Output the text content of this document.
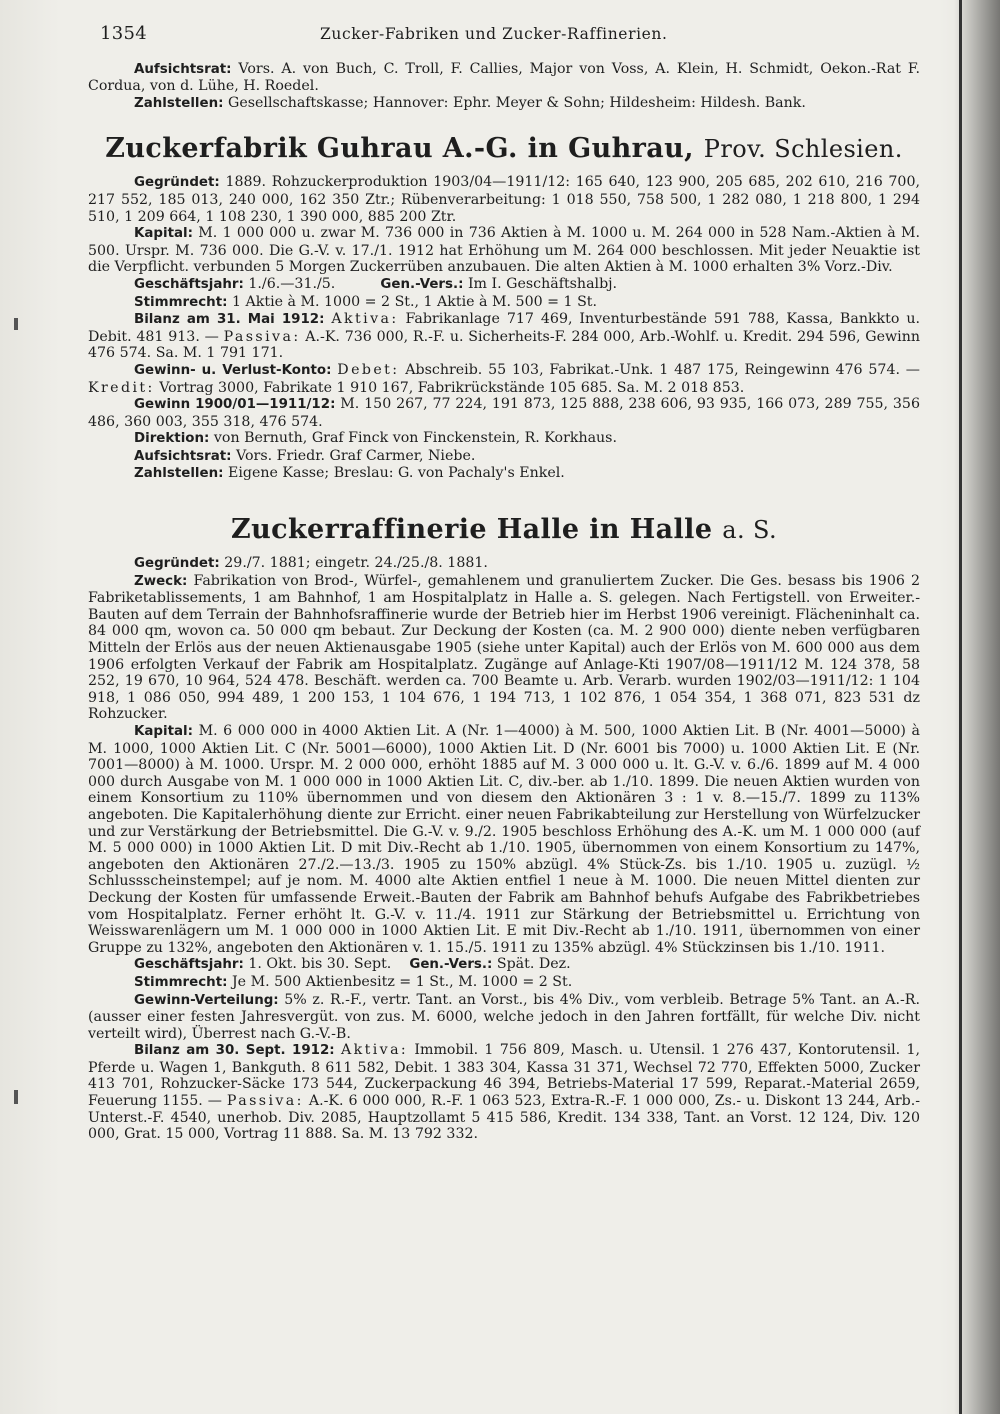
1354	Zucker-Fabriken und Zucker-Raffinerien.

Aufsichtsrat: Vors. A. von Buch, C. Troll, F. Callies, Major von Voss, A. Klein, H. Schmidt, Oekon.-Rat F. Cordua, von d. Lühe, H. Roedel.

Zahlstellen: Gesellschaftskasse; Hannover: Ephr. Meyer & Sohn; Hildesheim: Hildesh. Bank.

Zuckerfabrik Guhrau A.-G. in Guhrau, Prov. Schlesien.

Gegründet: 1889. Rohzuckerproduktion 1903/04—1911/12: 165 640, 123 900, 205 685, 202 610, 216 700, 217 552, 185 013, 240 000, 162 350 Ztr.; Rübenverarbeitung: 1 018 550, 758 500, 1 282 080, 1 218 800, 1 294 510, 1 209 664, 1 108 230, 1 390 000, 885 200 Ztr.

Kapital: M. 1 000 000 u. zwar M. 736 000 in 736 Aktien à M. 1000 u. M. 264 000 in 528 Nam.-Aktien à M. 500. Urspr. M. 736 000. Die G.-V. v. 17./1. 1912 hat Erhöhung um M. 264 000 beschlossen. Mit jeder Neuaktie ist die Verpflicht. verbunden 5 Morgen Zuckerrüben anzubauen. Die alten Aktien à M. 1000 erhalten 3% Vorz.-Div.

Geschäftsjahr: 1./6.—31./5.	Gen.-Vers.: Im I. Geschäftshalbj.

Stimmrecht: 1 Aktie à M. 1000 = 2 St., 1 Aktie à M. 500 = 1 St.

Bilanz am 31. Mai 1912: Aktiva: Fabrikanlage 717 469, Inventurbestände 591 788, Kassa, Bankkto u. Debit. 481 913. — Passiva: A.-K. 736 000, R.-F. u. Sicherheits-F. 284 000, Arb.-Wohlf. u. Kredit. 294 596, Gewinn 476 574. Sa. M. 1 791 171.

Gewinn- u. Verlust-Konto: Debet: Abschreib. 55 103, Fabrikat.-Unk. 1 487 175, Reingewinn 476 574. — Kredit: Vortrag 3000, Fabrikate 1 910 167, Fabrikrückstände 105 685. Sa. M. 2 018 853.

Gewinn 1900/01—1911/12: M. 150 267, 77 224, 191 873, 125 888, 238 606, 93 935, 166 073, 289 755, 356 486, 360 003, 355 318, 476 574.

Direktion: von Bernuth, Graf Finck von Finckenstein, R. Korkhaus.

Aufsichtsrat: Vors. Friedr. Graf Carmer, Niebe.

Zahlstellen: Eigene Kasse; Breslau: G. von Pachaly's Enkel.

Zuckerraffinerie Halle in Halle a. S.

Gegründet: 29./7. 1881; eingetr. 24./25./8. 1881.

Zweck: Fabrikation von Brod-, Würfel-, gemahlenem und granuliertem Zucker. Die Ges. besass bis 1906 2 Fabriketablissements, 1 am Bahnhof, 1 am Hospitalplatz in Halle a. S. gelegen. Nach Fertigstell. von Erweiter.-Bauten auf dem Terrain der Bahnhofsraffinerie wurde der Betrieb hier im Herbst 1906 vereinigt. Flächeninhalt ca. 84 000 qm, wovon ca. 50 000 qm bebaut. Zur Deckung der Kosten (ca. M. 2 900 000) diente neben verfügbaren Mitteln der Erlös aus der neuen Aktienausgabe 1905 (siehe unter Kapital) auch der Erlös von M. 600 000 aus dem 1906 erfolgten Verkauf der Fabrik am Hospitalplatz. Zugänge auf Anlage-Kti 1907/08—1911/12 M. 124 378, 58 252, 19 670, 10 964, 524 478. Beschäft. werden ca. 700 Beamte u. Arb. Verarb. wurden 1902/03—1911/12: 1 104 918, 1 086 050, 994 489, 1 200 153, 1 104 676, 1 194 713, 1 102 876, 1 054 354, 1 368 071, 823 531 dz Rohzucker.

Kapital: M. 6 000 000 in 4000 Aktien Lit. A (Nr. 1—4000) à M. 500, 1000 Aktien Lit. B (Nr. 4001—5000) à M. 1000, 1000 Aktien Lit. C (Nr. 5001—6000), 1000 Aktien Lit. D (Nr. 6001 bis 7000) u. 1000 Aktien Lit. E (Nr. 7001—8000) à M. 1000. Urspr. M. 2 000 000, erhöht 1885 auf M. 3 000 000 u. lt. G.-V. v. 6./6. 1899 auf M. 4 000 000 durch Ausgabe von M. 1 000 000 in 1000 Aktien Lit. C, div.-ber. ab 1./10. 1899. Die neuen Aktien wurden von einem Konsortium zu 110% übernommen und von diesem den Aktionären 3 : 1 v. 8.—15./7. 1899 zu 113% angeboten. Die Kapitalerhöhung diente zur Erricht. einer neuen Fabrikabteilung zur Herstellung von Würfelzucker und zur Verstärkung der Betriebsmittel. Die G.-V. v. 9./2. 1905 beschloss Erhöhung des A.-K. um M. 1 000 000 (auf M. 5 000 000) in 1000 Aktien Lit. D mit Div.-Recht ab 1./10. 1905, übernommen von einem Konsortium zu 147%, angeboten den Aktionären 27./2.—13./3. 1905 zu 150% abzügl. 4% Stück-Zs. bis 1./10. 1905 u. zuzügl. ½ Schlussscheinstempel; auf je nom. M. 4000 alte Aktien entfiel 1 neue à M. 1000. Die neuen Mittel dienten zur Deckung der Kosten für umfassende Erweit.-Bauten der Fabrik am Bahnhof behufs Aufgabe des Fabrikbetriebes vom Hospitalplatz. Ferner erhöht lt. G.-V. v. 11./4. 1911 zur Stärkung der Betriebsmittel u. Errichtung von Weisswarenlägern um M. 1 000 000 in 1000 Aktien Lit. E mit Div.-Recht ab 1./10. 1911, übernommen von einer Gruppe zu 132%, angeboten den Aktionären v. 1. 15./5. 1911 zu 135% abzügl. 4% Stückzinsen bis 1./10. 1911.

Geschäftsjahr: 1. Okt. bis 30. Sept. Gen.-Vers.: Spät. Dez.

Stimmrecht: Je M. 500 Aktienbesitz = 1 St., M. 1000 = 2 St.

Gewinn-Verteilung: 5% z. R.-F., vertr. Tant. an Vorst., bis 4% Div., vom verbleib. Betrage 5% Tant. an A.-R. (ausser einer festen Jahresvergüt. von zus. M. 6000, welche jedoch in den Jahren fortfällt, für welche Div. nicht verteilt wird), Überrest nach G.-V.-B.

Bilanz am 30. Sept. 1912: Aktiva: Immobil. 1 756 809, Masch. u. Utensil. 1 276 437, Kontorutensil. 1, Pferde u. Wagen 1, Bankguth. 8 611 582, Debit. 1 383 304, Kassa 31 371, Wechsel 72 770, Effekten 5000, Zucker 413 701, Rohzucker-Säcke 173 544, Zuckerpackung 46 394, Betriebs-Material 17 599, Reparat.-Material 2659, Feuerung 1155. — Passiva: A.-K. 6 000 000, R.-F. 1 063 523, Extra-R.-F. 1 000 000, Zs.- u. Diskont 13 244, Arb.-Unterst.-F. 4540, unerhob. Div. 2085, Hauptzollamt 5 415 586, Kredit. 134 338, Tant. an Vorst. 12 124, Div. 120 000, Grat. 15 000, Vortrag 11 888. Sa. M. 13 792 332.
